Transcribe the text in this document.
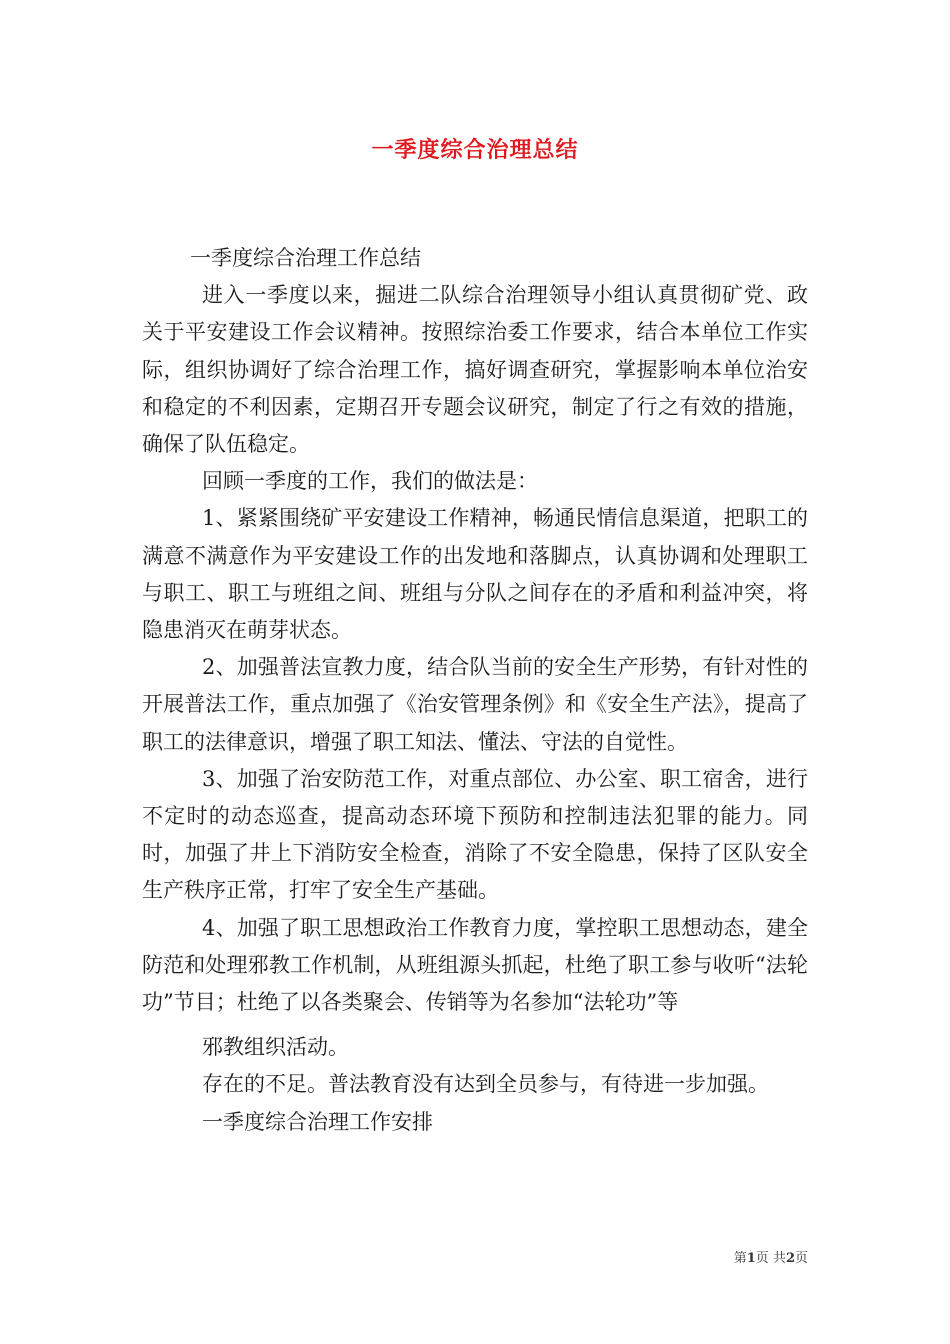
一季度综合治理总结

一季度综合治理工作总结

进入一季度以来，掘进二队综合治理领导小组认真贯彻矿党、政关于平安建设工作会议精神。按照综治委工作要求，结合本单位工作实际，组织协调好了综合治理工作，搞好调查研究，掌握影响本单位治安和稳定的不利因素，定期召开专题会议研究，制定了行之有效的措施，确保了队伍稳定。

回顾一季度的工作，我们的做法是：

1、紧紧围绕矿平安建设工作精神，畅通民情信息渠道，把职工的满意不满意作为平安建设工作的出发地和落脚点，认真协调和处理职工与职工、职工与班组之间、班组与分队之间存在的矛盾和利益冲突，将隐患消灭在萌芽状态。

2、加强普法宣教力度，结合队当前的安全生产形势，有针对性的开展普法工作，重点加强了《治安管理条例》和《安全生产法》，提高了职工的法律意识，增强了职工知法、懂法、守法的自觉性。

3、加强了治安防范工作，对重点部位、办公室、职工宿舍，进行不定时的动态巡查，提高动态环境下预防和控制违法犯罪的能力。同时，加强了井上下消防安全检查，消除了不安全隐患，保持了区队安全生产秩序正常，打牢了安全生产基础。

4、加强了职工思想政治工作教育力度，掌控职工思想动态，建全防范和处理邪教工作机制，从班组源头抓起，杜绝了职工参与收听“法轮功”节目；杜绝了以各类聚会、传销等为名参加“法轮功”等

邪教组织活动。

存在的不足。普法教育没有达到全员参与，有待进一步加强。

一季度综合治理工作安排

第1页 共2页
